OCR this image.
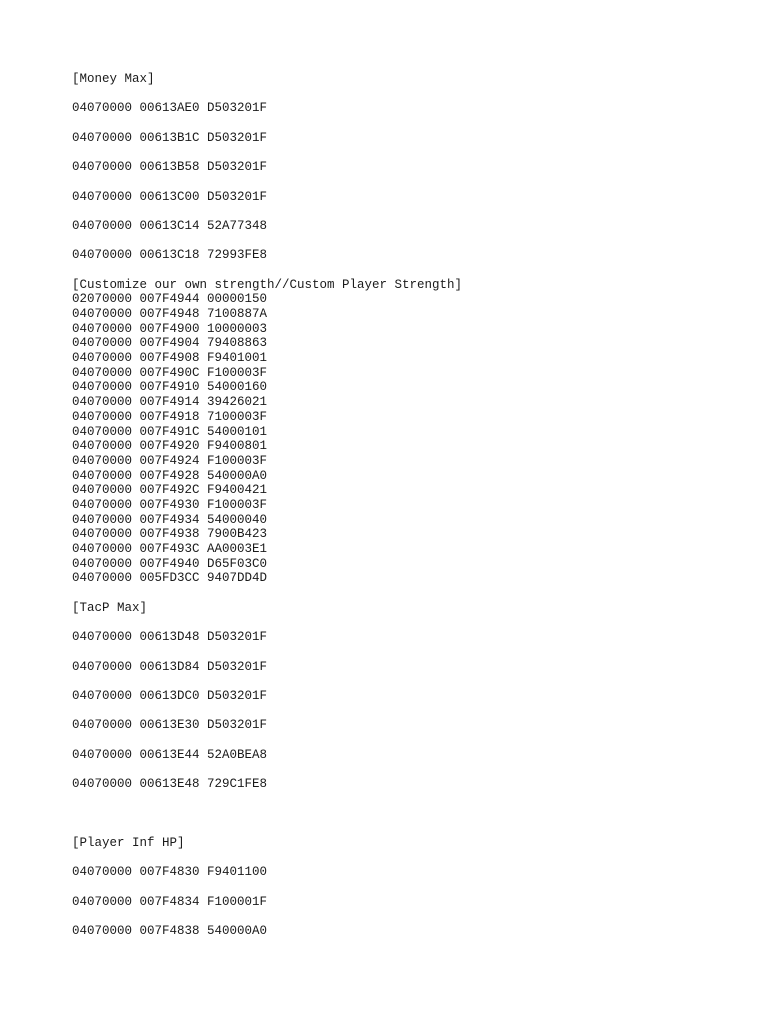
[Money Max]
04070000 00613AE0 D503201F
04070000 00613B1C D503201F
04070000 00613B58 D503201F
04070000 00613C00 D503201F
04070000 00613C14 52A77348
04070000 00613C18 72993FE8
[Customize our own strength//Custom Player Strength]
02070000 007F4944 00000150
04070000 007F4948 7100887A
04070000 007F4900 10000003
04070000 007F4904 79408863
04070000 007F4908 F9401001
04070000 007F490C F100003F
04070000 007F4910 54000160
04070000 007F4914 39426021
04070000 007F4918 7100003F
04070000 007F491C 54000101
04070000 007F4920 F9400801
04070000 007F4924 F100003F
04070000 007F4928 540000A0
04070000 007F492C F9400421
04070000 007F4930 F100003F
04070000 007F4934 54000040
04070000 007F4938 7900B423
04070000 007F493C AA0003E1
04070000 007F4940 D65F03C0
04070000 005FD3CC 9407DD4D
[TacP Max]
04070000 00613D48 D503201F
04070000 00613D84 D503201F
04070000 00613DC0 D503201F
04070000 00613E30 D503201F
04070000 00613E44 52A0BEA8
04070000 00613E48 729C1FE8
[Player Inf HP]
04070000 007F4830 F9401100
04070000 007F4834 F100001F
04070000 007F4838 540000A0
